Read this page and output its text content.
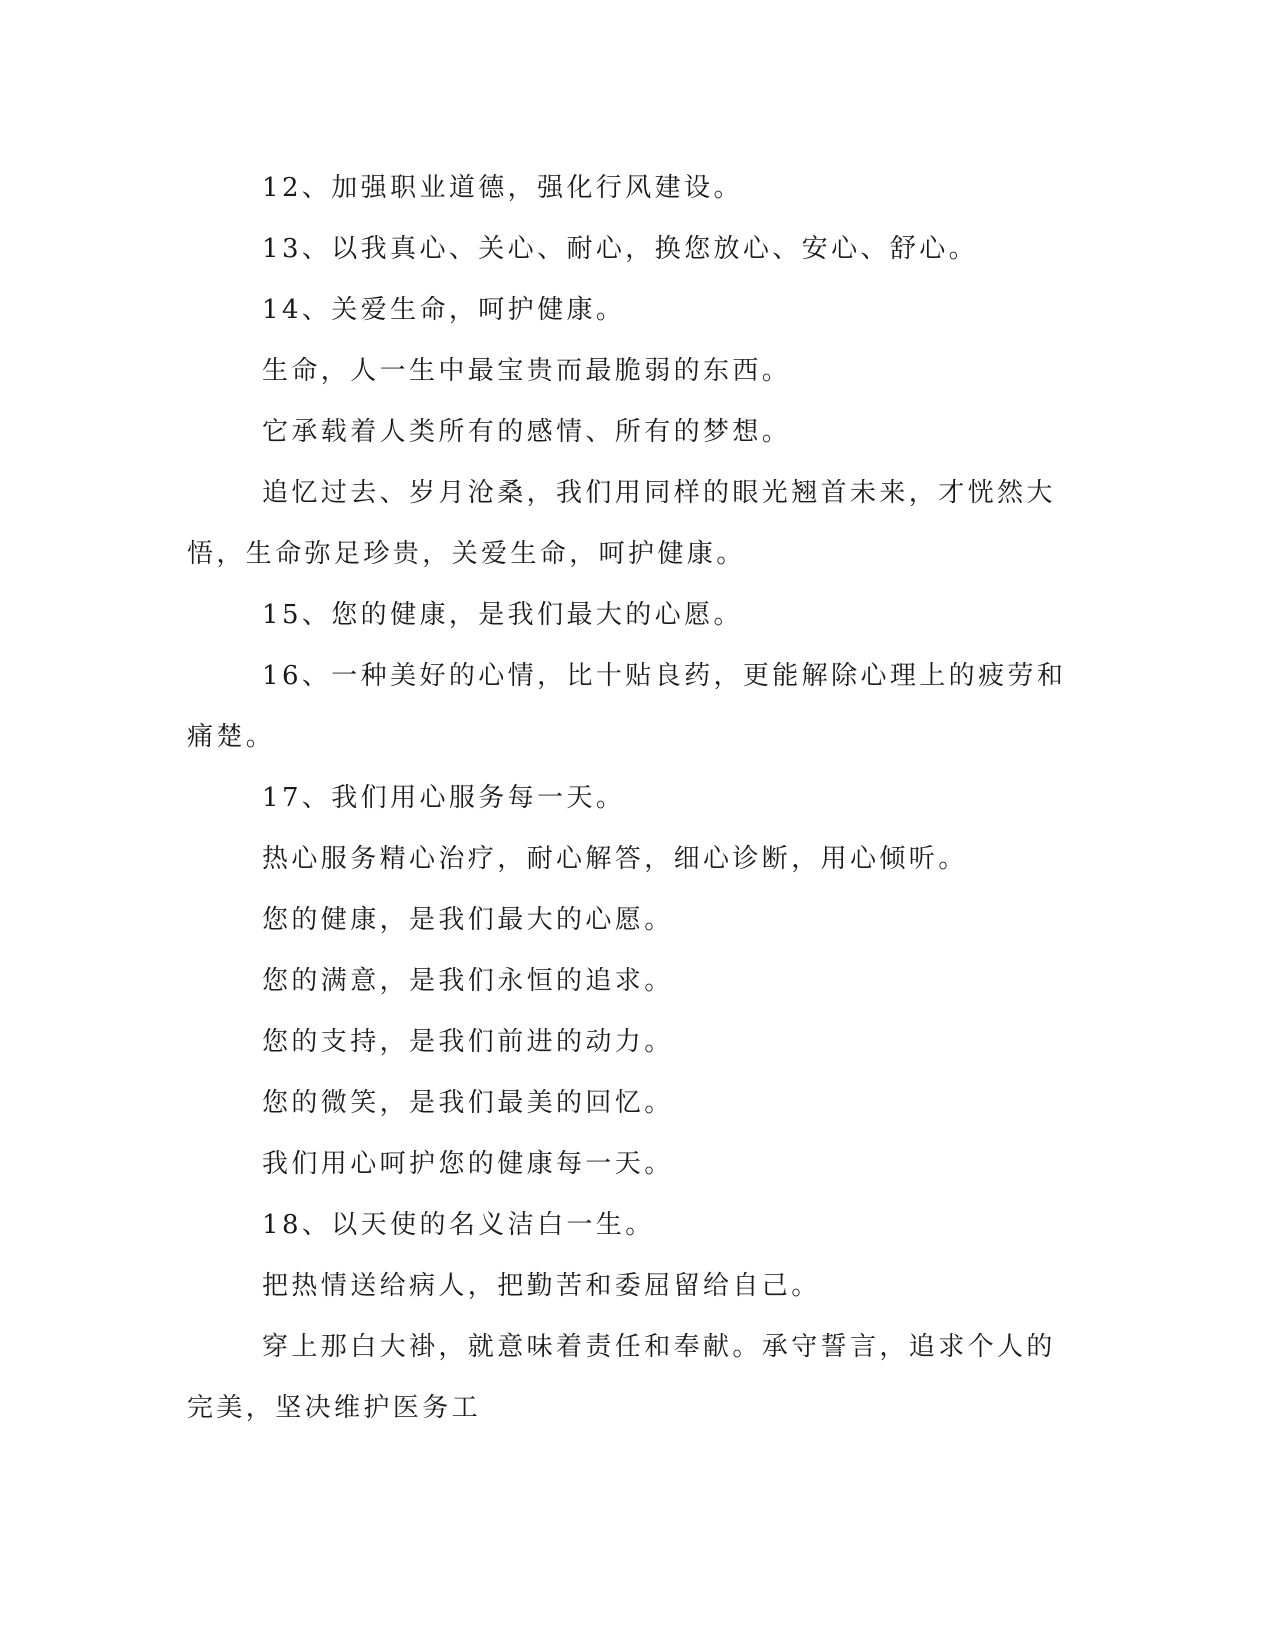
12、加强职业道德，强化行风建设。

13、以我真心、关心、耐心，换您放心、安心、舒心。

14、关爱生命，呵护健康。

生命，人一生中最宝贵而最脆弱的东西。

它承载着人类所有的感情、所有的梦想。

追忆过去、岁月沧桑，我们用同样的眼光翘首未来，才恍然大悟，生命弥足珍贵，关爱生命，呵护健康。

15、您的健康，是我们最大的心愿。

16、一种美好的心情，比十贴良药，更能解除心理上的疲劳和痛楚。

17、我们用心服务每一天。

热心服务精心治疗，耐心解答，细心诊断，用心倾听。

您的健康，是我们最大的心愿。

您的满意，是我们永恒的追求。

您的支持，是我们前进的动力。

您的微笑，是我们最美的回忆。

我们用心呵护您的健康每一天。

18、以天使的名义洁白一生。

把热情送给病人，把勤苦和委屈留给自己。

穿上那白大褂，就意味着责任和奉献。承守誓言，追求个人的完美，坚决维护医务工
